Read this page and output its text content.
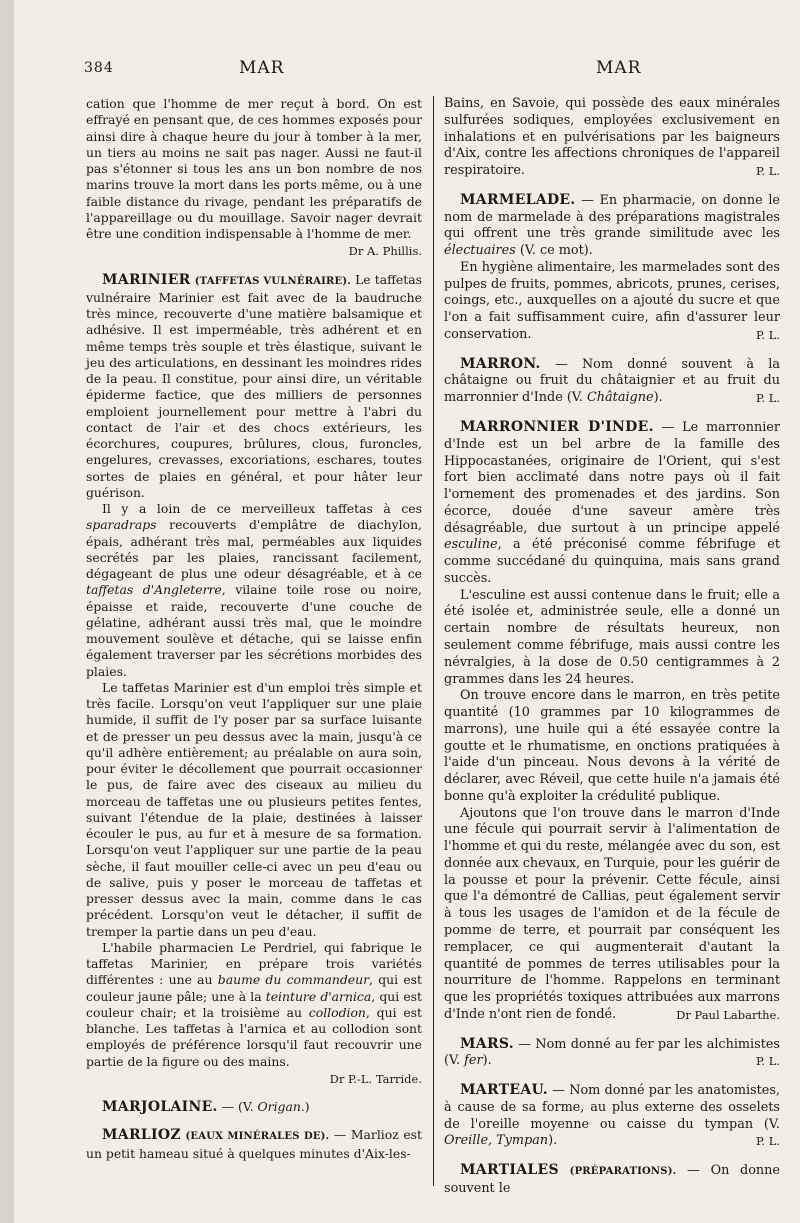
384	MAR	MAR

cation que l'homme de mer reçut à bord. On est effrayé en pensant que, de ces hommes exposés pour ainsi dire à chaque heure du jour à tomber à la mer, un tiers au moins ne sait pas nager. Aussi ne faut-il pas s'étonner si tous les ans un bon nombre de nos marins trouve la mort dans les ports même, ou à une faible distance du rivage, pendant les préparatifs de l'appareillage ou du mouillage. Savoir nager devrait être une condition indispensable à l'homme de mer.

Dr A. Phillis.

MARINIER (TAFFETAS VULNÉRAIRE). Le taffetas vulnéraire Marinier est fait avec de la baudruche très mince, recouverte d'une matière balsamique et adhésive. Il est imperméable, très adhérent et en même temps très souple et très élastique, suivant le jeu des articulations, en dessinant les moindres rides de la peau. Il constitue, pour ainsi dire, un véritable épiderme factice, que des milliers de personnes emploient journellement pour mettre à l'abri du contact de l'air et des chocs extérieurs, les écorchures, coupures, brûlures, clous, furoncles, engelures, crevasses, excoriations, eschares, toutes sortes de plaies en général, et pour hâter leur guérison.

Il y a loin de ce merveilleux taffetas à ces sparadraps recouverts d'emplâtre de diachylon, épais, adhérant très mal, perméables aux liquides secrétés par les plaies, rancissant facilement, dégageant de plus une odeur désagréable, et à ce taffetas d'Angleterre, vilaine toile rose ou noire, épaisse et raide, recouverte d'une couche de gélatine, adhérant aussi très mal, que le moindre mouvement soulève et détache, qui se laisse enfin également traverser par les sécrétions morbides des plaies.

Le taffetas Marinier est d'un emploi très simple et très facile. Lorsqu'on veut l'appliquer sur une plaie humide, il suffit de l'y poser par sa surface luisante et de presser un peu dessus avec la main, jusqu'à ce qu'il adhère entièrement; au préalable on aura soin, pour éviter le décollement que pourrait occasionner le pus, de faire avec des ciseaux au milieu du morceau de taffetas une ou plusieurs petites fentes, suivant l'étendue de la plaie, destinées à laisser écouler le pus, au fur et à mesure de sa formation. Lorsqu'on veut l'appliquer sur une partie de la peau sèche, il faut mouiller celle-ci avec un peu d'eau ou de salive, puis y poser le morceau de taffetas et presser dessus avec la main, comme dans le cas précédent. Lorsqu'on veut le détacher, il suffit de tremper la partie dans un peu d'eau.

L'habile pharmacien Le Perdriel, qui fabrique le taffetas Marinier, en prépare trois variétés différentes : une au baume du commandeur, qui est couleur jaune pâle; une à la teinture d'arnica, qui est couleur chair; et la troisième au collodion, qui est blanche. Les taffetas à l'arnica et au collodion sont employés de préférence lorsqu'il faut recouvrir une partie de la figure ou des mains.

Dr P.-L. Tarride.

MARJOLAINE. — (V. Origan.)

MARLIOZ (EAUX MINÉRALES DE). — Marlioz est un petit hameau situé à quelques minutes d'Aix-les-

Bains, en Savoie, qui possède des eaux minérales sulfurées sodiques, employées exclusivement en inhalations et en pulvérisations par les baigneurs d'Aix, contre les affections chroniques de l'appareil respiratoire.	P. L.

MARMELADE. — En pharmacie, on donne le nom de marmelade à des préparations magistrales qui offrent une très grande similitude avec les électuaires (V. ce mot).

En hygiène alimentaire, les marmelades sont des pulpes de fruits, pommes, abricots, prunes, cerises, coings, etc., auxquelles on a ajouté du sucre et que l'on a fait suffisamment cuire, afin d'assurer leur conservation.	P. L.

MARRON. — Nom donné souvent à la châtaigne ou fruit du châtaignier et au fruit du marronnier d'Inde (V. Châtaigne).	P. L.

MARRONNIER D'INDE. — Le marronnier d'Inde est un bel arbre de la famille des Hippocastanées, originaire de l'Orient, qui s'est fort bien acclimaté dans notre pays où il fait l'ornement des promenades et des jardins. Son écorce, douée d'une saveur amère très désagréable, due surtout à un principe appelé esculine, a été préconisé comme fébrifuge et comme succédané du quinquina, mais sans grand succès.

L'esculine est aussi contenue dans le fruit; elle a été isolée et, administrée seule, elle a donné un certain nombre de résultats heureux, non seulement comme fébrifuge, mais aussi contre les névralgies, à la dose de 0.50 centigrammes à 2 grammes dans les 24 heures.

On trouve encore dans le marron, en très petite quantité (10 grammes par 10 kilogrammes de marrons), une huile qui a été essayée contre la goutte et le rhumatisme, en onctions pratiquées à l'aide d'un pinceau. Nous devons à la vérité de déclarer, avec Réveil, que cette huile n'a jamais été bonne qu'à exploiter la crédulité publique.

Ajoutons que l'on trouve dans le marron d'Inde une fécule qui pourrait servir à l'alimentation de l'homme et qui du reste, mélangée avec du son, est donnée aux chevaux, en Turquie, pour les guérir de la pousse et pour la prévenir. Cette fécule, ainsi que l'a démontré de Callias, peut également servir à tous les usages de l'amidon et de la fécule de pomme de terre, et pourrait par conséquent les remplacer, ce qui augmenterait d'autant la quantité de pommes de terres utilisables pour la nourriture de l'homme. Rappelons en terminant que les propriétés toxiques attribuées aux marrons d'Inde n'ont rien de fondé.	Dr Paul Labarthe.

MARS. — Nom donné au fer par les alchimistes (V. fer).	P. L.

MARTEAU. — Nom donné par les anatomistes, à cause de sa forme, au plus externe des osselets de l'oreille moyenne ou caisse du tympan (V. Oreille, Tympan).	P. L.

MARTIALES (PRÉPARATIONS). — On donne souvent le
